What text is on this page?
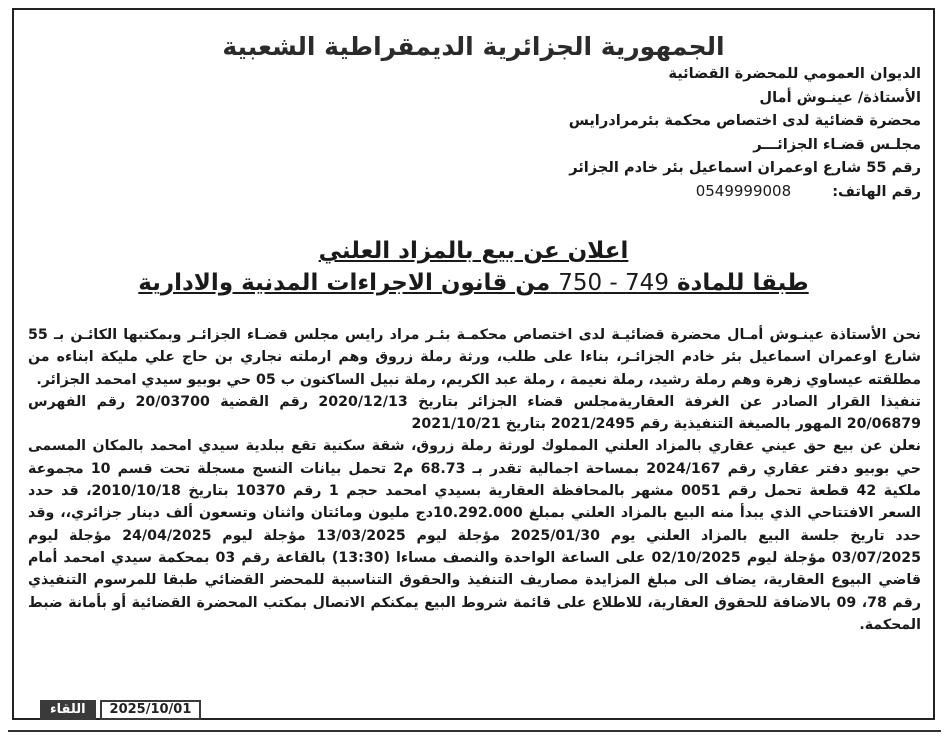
الجمهورية الجزائرية الديمقراطية الشعبية
الديوان العمومي للمحضرة القضائية
الأستاذة/ عينـوش أمال
محضرة قضائية لدى اختصاص محكمة بئرمرادرايس
مجلـس قضـاء الجزائـــر
رقم 55 شارع اوعمران اسماعيل بئر خادم الجزائر
رقم الهاتف: 0549999008
اعلان عن بيع بالمزاد العلني
طبقا للمادة 750 - 749 من قانون الاجراءات المدنية والادارية

نحن الأستاذة عينـوش أمـال محضرة قضائيـة لدى اختصاص محكمـة بئـر مراد رايس مجلس قضـاء الجزائـر وبمكتبها الكائـن بـ 55 شارع اوعمران اسماعيل بئر خادم الجزائـر، بناءا على طلب، ورثة رملة زروق وهم ارملته نجاري بن حاج علي مليكة ابناءه من مطلقته عيساوي زهرة وهم رملة رشيد، رملة نعيمة ، رملة عبد الكريم، رملة نبيل الساكنون ب 05 حي بوبيو سيدي امحمد الجزائر.

تنفيذا القرار الصادر عن الغرفة العقاريةمجلس قضاء الجزائر بتاريخ 2020/12/13 رقم القضية 20/03700 رقم الفهرس 20/06879 المهور بالصيغة التنفيذية رقم 2021/2495 بتاريخ 2021/10/21

نعلن عن بيع حق عيني عقاري بالمزاد العلني المملوك لورثة رملة زروق، شقة سكنية تقع ببلدية سيدي امحمد بالمكان المسمى حي بوبيو دفتر عقاري رقم 2024/167 بمساحة اجمالية تقدر بـ 68.73 م2 تحمل بيانات النسج مسجلة تحت قسم 10 مجموعة ملكية 42 قطعة تحمل رقم 0051 مشهر بالمحافظة العقارية بسيدي امحمد حجم 1 رقم 10370 بتاريخ 2010/10/18، قد حدد السعر الافتتاحي الذي يبدأ منه البيع بالمزاد العلني بمبلغ 10.292.000دج مليون ومائتان واثنان وتسعون ألف دينار جزائري،، وقد حدد تاريخ جلسة البيع بالمزاد العلني يوم 2025/01/30 مؤجلة ليوم 13/03/2025 مؤجلة ليوم 24/04/2025 مؤجلة ليوم 03/07/2025 مؤجلة ليوم 02/10/2025 على الساعة الواحدة والنصف مساءا (13:30) بالقاعة رقم 03 بمحكمة سيدي امحمد أمام قاضي البيوع العقارية، يضاف الى مبلغ المزايدة مصاريف التنفيذ والحقوق التناسبية للمحضر القضائي طبقا للمرسوم التنفيذي رقم 78، 09 بالاضافة للحقوق العقارية، للاطلاع على قائمة شروط البيع يمكنكم الاتصال بمكتب المحضرة القضائية أو بأمانة ضبط المحكمة.

اللقاء	2025/10/01
